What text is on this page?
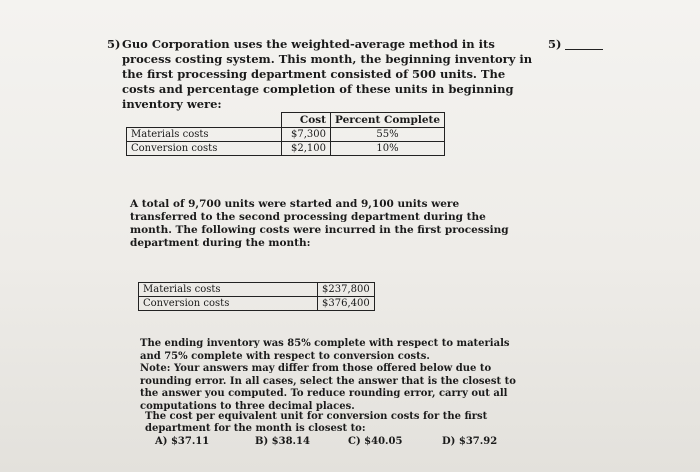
5) Guo Corporation uses the weighted-average method in its process costing system. This month, the beginning inventory in the first processing department consisted of 500 units. The costs and percentage completion of these units in beginning inventory were:
5)
	Cost	Percent Complete
Materials costs	$7,300	55%
Conversion costs	$2,100	10%
A total of 9,700 units were started and 9,100 units were transferred to the second processing department during the month. The following costs were incurred in the first processing department during the month:
Materials costs	$237,800
Conversion costs	$376,400
The ending inventory was 85% complete with respect to materials and 75% complete with respect to conversion costs.
Note: Your answers may differ from those offered below due to rounding error. In all cases, select the answer that is the closest to the answer you computed. To reduce rounding error, carry out all computations to three decimal places.
The cost per equivalent unit for conversion costs for the first department for the month is closest to:
A) $37.11	B) $38.14	C) $40.05	D) $37.92
